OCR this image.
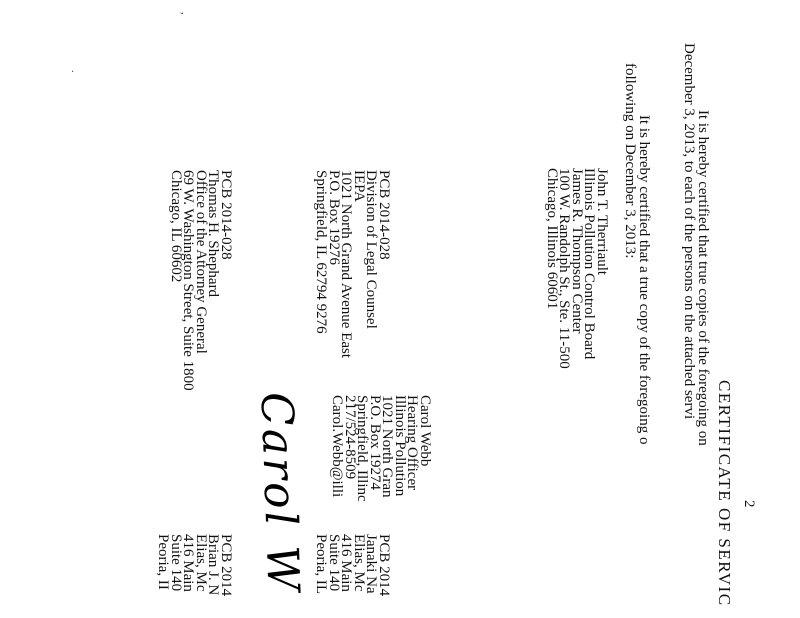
,
.
2
CERTIFICATE OF SERVIC
It is hereby certified that true copies of the foregoing on
December 3, 2013, to each of the persons on the attached servi
It is hereby certified that a true copy of the foregoing o
following on December 3, 2013:
John T. Therriault
Illinois Pollution Control Board
James R. Thompson Center
100 W. Randolph St., Ste. 11-500
Chicago, Illinois 60601
Carol W	Carol Webb
Hearing Officer
Illinois Pollution
1021 North Gran
P.O. Box 19274
Springfield, Illinc
217/524-8509
Carol.Webb@illi
PCB 2014-028
Division of Legal Counsel
IEPA
1021 North Grand Avenue East
P.O. Box 19276
Springfield, IL 62794 9276
PCB 2014-028
Thomas H. Shephard
Office of the Attorney General
69 W. Washington Street, Suite 1800
Chicago, IL 60602
PCB 2014
Janaki Na
Elias, Mc
416 Main
Suite 140
Peoria, IL
PCB 2014
Brian J. N
Elias, Mc
416 Main
Suite 140
Peoria, II
